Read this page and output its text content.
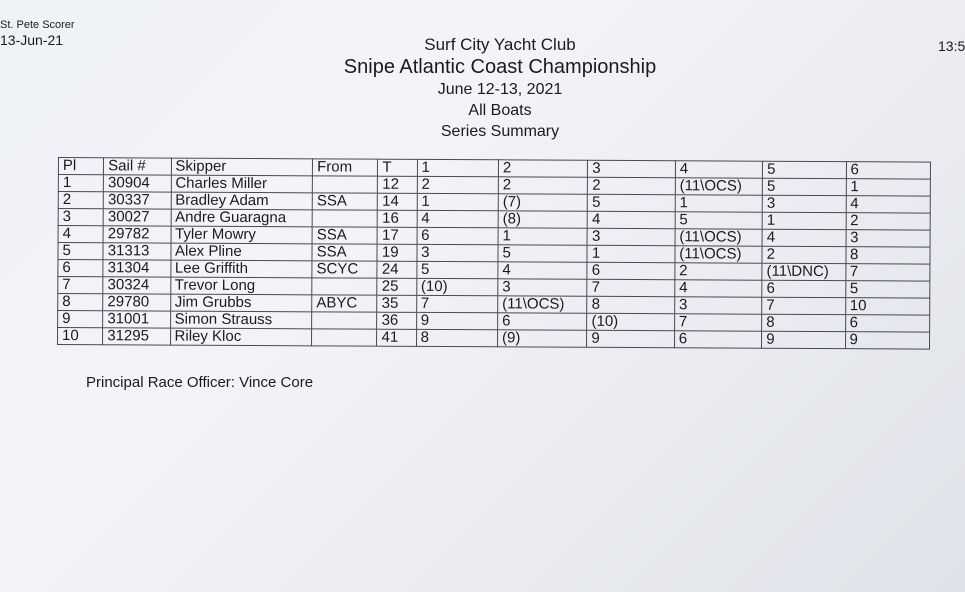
St. Pete Scorer
13-Jun-21	13:5
Surf City Yacht Club
Snipe Atlantic Coast Championship
June 12-13, 2021
All Boats
Series Summary
Pl	Sail #	Skipper	From	T	1	2	3	4	5	6
1	30904	Charles Miller		12	2	2	2	(11\OCS)	5	1
2	30337	Bradley Adam	SSA	14	1	(7)	5	1	3	4
3	30027	Andre Guaragna		16	4	(8)	4	5	1	2
4	29782	Tyler Mowry	SSA	17	6	1	3	(11\OCS)	4	3
5	31313	Alex Pline	SSA	19	3	5	1	(11\OCS)	2	8
6	31304	Lee Griffith	SCYC	24	5	4	6	2	(11\DNC)	7
7	30324	Trevor Long		25	(10)	3	7	4	6	5
8	29780	Jim Grubbs	ABYC	35	7	(11\OCS)	8	3	7	10
9	31001	Simon Strauss		36	9	6	(10)	7	8	6
10	31295	Riley Kloc		41	8	(9)	9	6	9	9
Principal Race Officer: Vince Core
